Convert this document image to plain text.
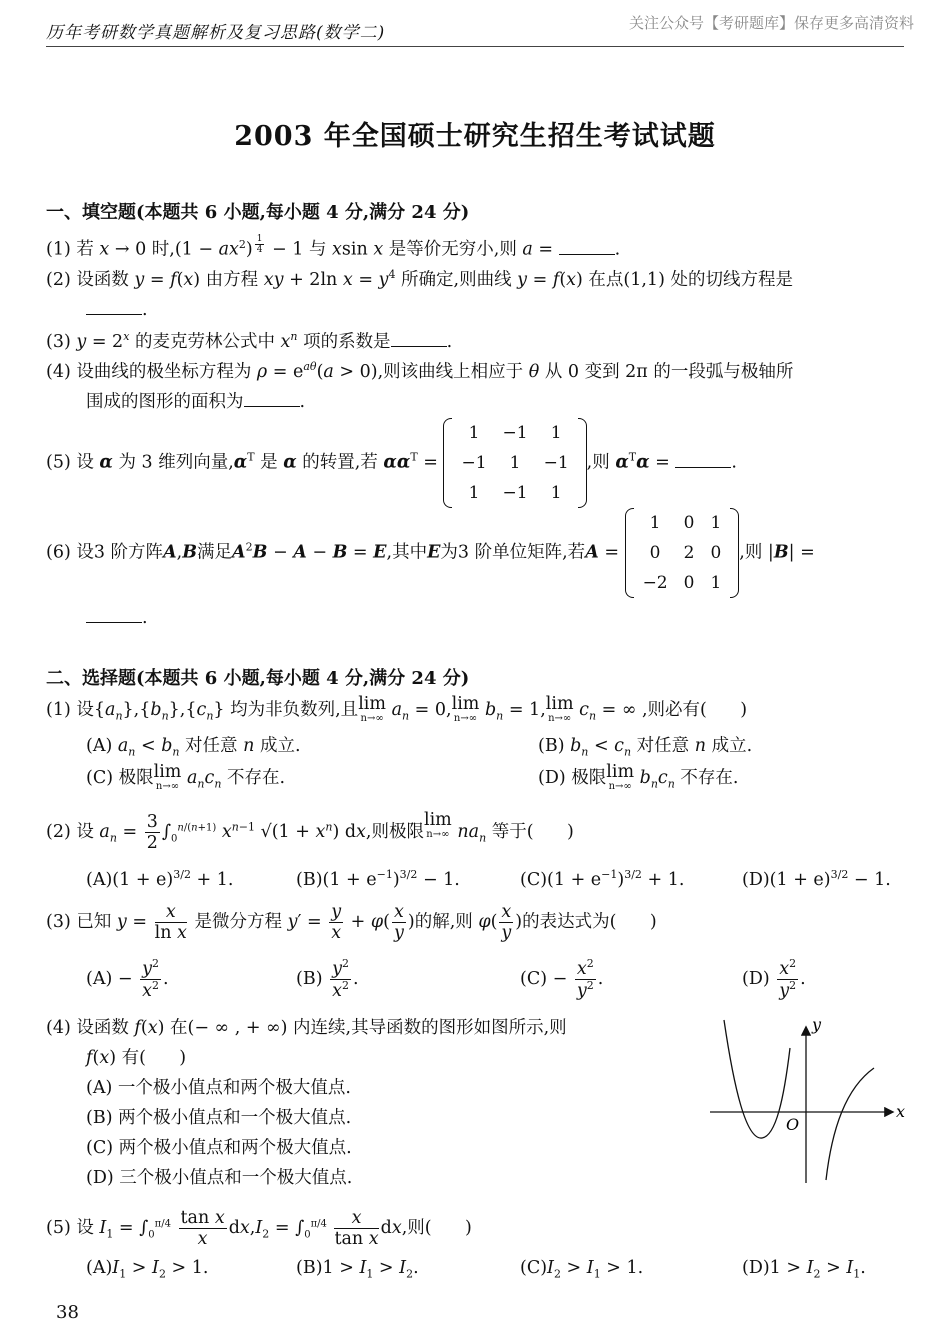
历年考研数学真题解析及复习思路(数学二)	关注公众号【考研题库】保存更多高清资料
2003 年全国硕士研究生招生考试试题
一、填空题(本题共 6 小题,每小题 4 分,满分 24 分)
(1) 若 x → 0 时$,(1 - ax^2)$ $^{\frac{1}{4}}$ − 1 与 xsin x 是等价无穷小,则 a =	.
(2) 设函数 y = f(x) 由方程 xy + 2ln $x = y^4$ 所确定,则曲线 y = f(x) 在点(1,1) 处的切线方程是
.
(3) $y = 2^x$ 的麦克劳林公式中 $x^n$ 项的系数是	.
(4) 设曲线的极坐标方程为 $\rho = e^{a\theta}(a > 0)$,则该曲线上相应于 θ 从 0 变到 2π 的一段弧与极轴所
围成的图形的面积为	.
(5) 设 α 为 3 维列向量$,\alpha^T$ 是 α 的转置,若 $\alpha\alpha^T$ =
1	−1	1
−1	1	−1
1	−1	1
,则 $\alpha^T\alpha$ =	.
(6) 设3 阶方阵A,B满足$A^2B - A - B = E$,其中E为3 阶单位矩阵,若A =
1	0	1
0	2	0
−2	0	1
,则 |B| =
.
二、选择题(本题共 6 小题,每小题 4 分,满分 24 分)
(1) 设$\{a_n\},\{b_n\},\{c_n\}$ 均为非负数列,且lim
n→∞ $a_n = 0,\lim$
n→∞ $b_n = 1,\lim$
n→∞ $c_n$ = ∞ ,则必有(      )
(A) $a_n < b_n$ 对任意 n 成立.	(B) $b_n < c_n$ 对任意 n 成立.
(C) 极限lim
n→∞ $a_nc_n$ 不存在.	(D) 极限lim
n→∞ $b_nc_n$ 不存在.
(2) 设 $a_n = \frac{3}{2} \int_0^{n/(n+1)}$ $x^{n-1}$ $√(1 + x^n)$ dx,则极限lim
n→∞ $na_n$ 等于(      )
$(A)(1 + e)^{3/2} + 1$.	$(B)(1 + e^{-1})^{3/2} - 1$.	$(C)(1 + e^{-1})^{3/2} + 1$.	$(D)(1 + e)^{3/2} - 1$.
(3) 已知 $y = \frac{x}{\text{ln x}}$ 是微分方程 $y' = \frac{y}{x} + \varphi( \frac{x}{y}$ )的解,则 $\varphi( \frac{x}{y}$ )的表达式为(      )
$(A) - \frac{y^2}{x^2}$ .	$(B) \frac{y^2}{x^2}$ .	$(C) - \frac{x^2}{y^2}$ .	$(D) \frac{x^2}{y^2}$ .
(4) 设函数 f(x) 在(− ∞ , + ∞) 内连续,其导函数的图形如图所示,则
f(x) 有(      )
(A) 一个极小值点和两个极大值点.
(B) 两个极小值点和一个极大值点.
(C) 两个极小值点和两个极大值点.
(D) 三个极小值点和一个极大值点.
x
y
O
(5) 设 $I_1 = \int_0^{\pi/4} \frac{\text{tan x}}{x} dx,I_2 = \int_0^{\pi/4} \frac{x}{\text{tan x}}$ dx,则(      )
$(A)I_1 > I_2 > 1$.	$(B)1 > I_1 > I_2$.	$(C)I_2 > I_1 > 1$.	$(D)1 > I_2 > I_1$.
38
